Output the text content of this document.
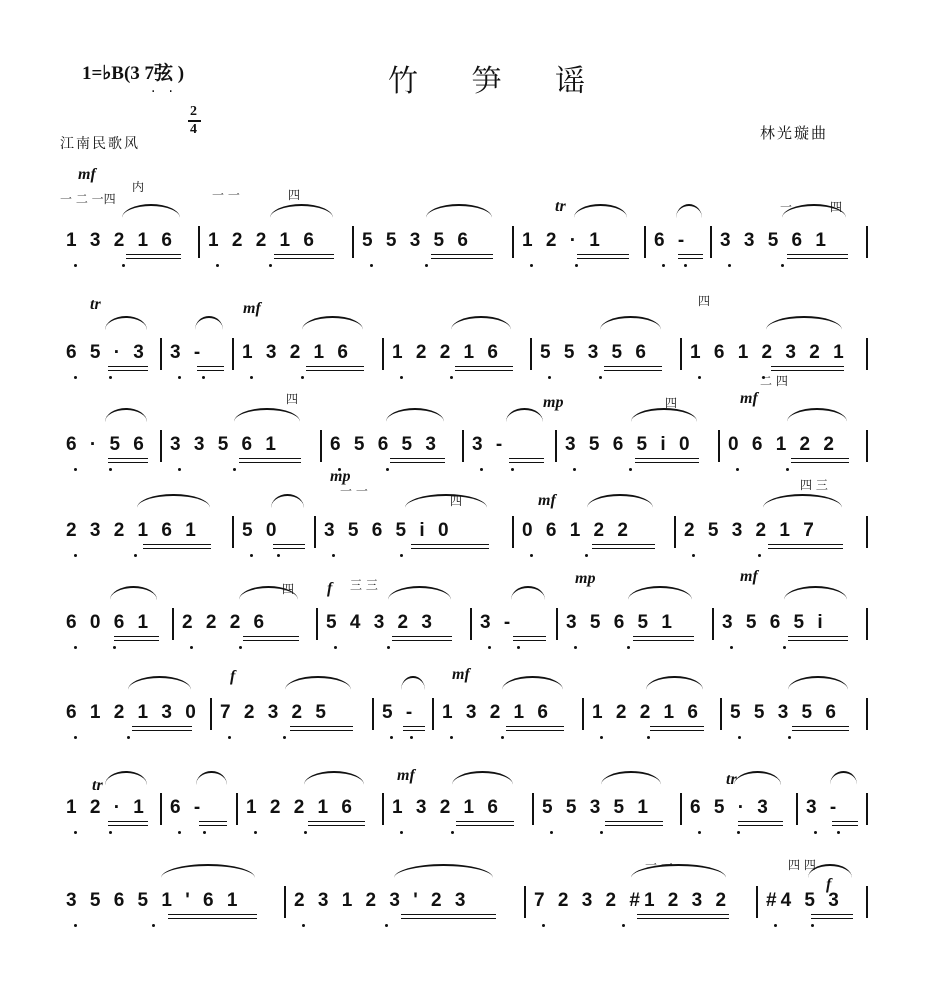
1=♭B(3 7弦 )
..	竹 笋 谣
江南民歌风
2
4	林光璇曲
1 3 2 1 6	1 2 2 1 6	5 5 3 5 6	1 2 · 1	6 -	3 3 5 6 1
mf
内
一 二 一四	一 一	四
tr	一	四
6 5 · 3	3 -	1 3 2 1 6	1 2 2 1 6	5 5 3 5 6	1 6 1 2 3 2 1
tr	mf	四
6 · 5 6	3 3 5 6 1	6 5 6 5 3	3 -	3 5 6 5 i 0	0 6 1 2 2
四	mp	四
二 四
mf
2 3 2 1 6 1	5 0	3 5 6 5 i 0	0 6 1 2 2	2 5 3 2 1 7
mp
一 一
四	mf
四 三
6 0 6 1	2 2 2 6	5 4 3 2 3	3 -	3 5 6 5 1	3 5 6 5 i
四 f 三 三	mp	mf
6 1 2 1 3 0 7 2 3 2 5	5 -	1 3 2 1 6	1 2 2 1 6	5 5 3 5 6
f	mf
1 2 · 1	6 -	1 2 2 1 6	1 3 2 1 6	5 5 3 5 1	6 5 · 3	3 -
tr
mf	tr
3 5 6 5 1 ' 6 1	2 3 1 2 3 ' 2 3	7 2 3 2 #1 2 3 2	#4 5 3
一 一	四 四
f
